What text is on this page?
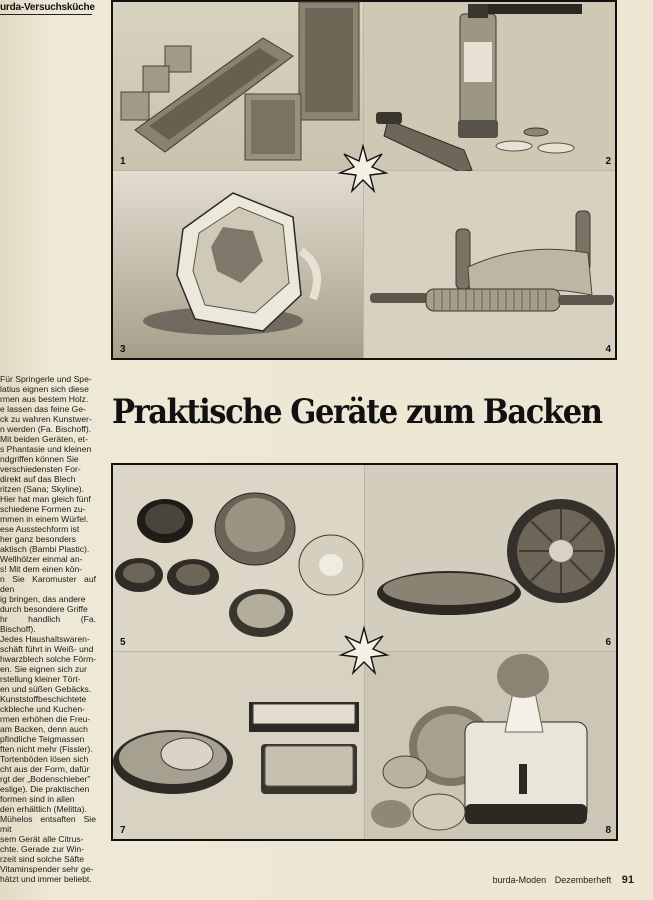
urda-Versuchsküche
1	2
3	4
Praktische Geräte zum Backen

Für Springerle und Spe-

latius eignen sich diese

rmen aus bestem Holz.

e lassen das feine Ge-

ck zu wahren Kunstwer-

n werden (Fa. Bischoff).

Mit beiden Geräten, et-

s Phantasie und kleinen

ndgriffen können Sie

verschiedensten For-

direkt auf das Blech

ritzen (Sana; Skyline).

Hier hat man gleich fünf

schiedene Formen zu-

mmen in einem Würfel.

ese Ausstechform ist

her ganz besonders

aktisch (Bambi Plastic).

Wellhölzer einmal an-

s! Mit dem einen kön-

n Sie Karomuster auf den

ig bringen, das andere

durch besondere Griffe

hr handlich (Fa. Bischoff).

Jedes Haushaltswaren-

schäft führt in Weiß- und

hwarzblech solche Förm-

en. Sie eignen sich zur

rstellung kleiner Tört-

en und süßen Gebäcks.

Kunststoffbeschichtete

ckbleche und Kuchen-

rmen erhöhen die Freu-

am Backen, denn auch

pfindliche Teigmassen

ften nicht mehr (Fissler).

Tortenböden lösen sich

cht aus der Form, dafür

rgt der „Bodenschieber"

eslige). Die praktischen

formen sind in allen

den erhältlich (Melitta).

Mühelos entsaften Sie mit

sem Gerät alle Citrus-

chte. Gerade zur Win-

rzeit sind solche Säfte

Vitaminspender sehr ge-

hätzt und immer beliebt.

5	6
7	8
burda-Moden Dezemberheft 91
